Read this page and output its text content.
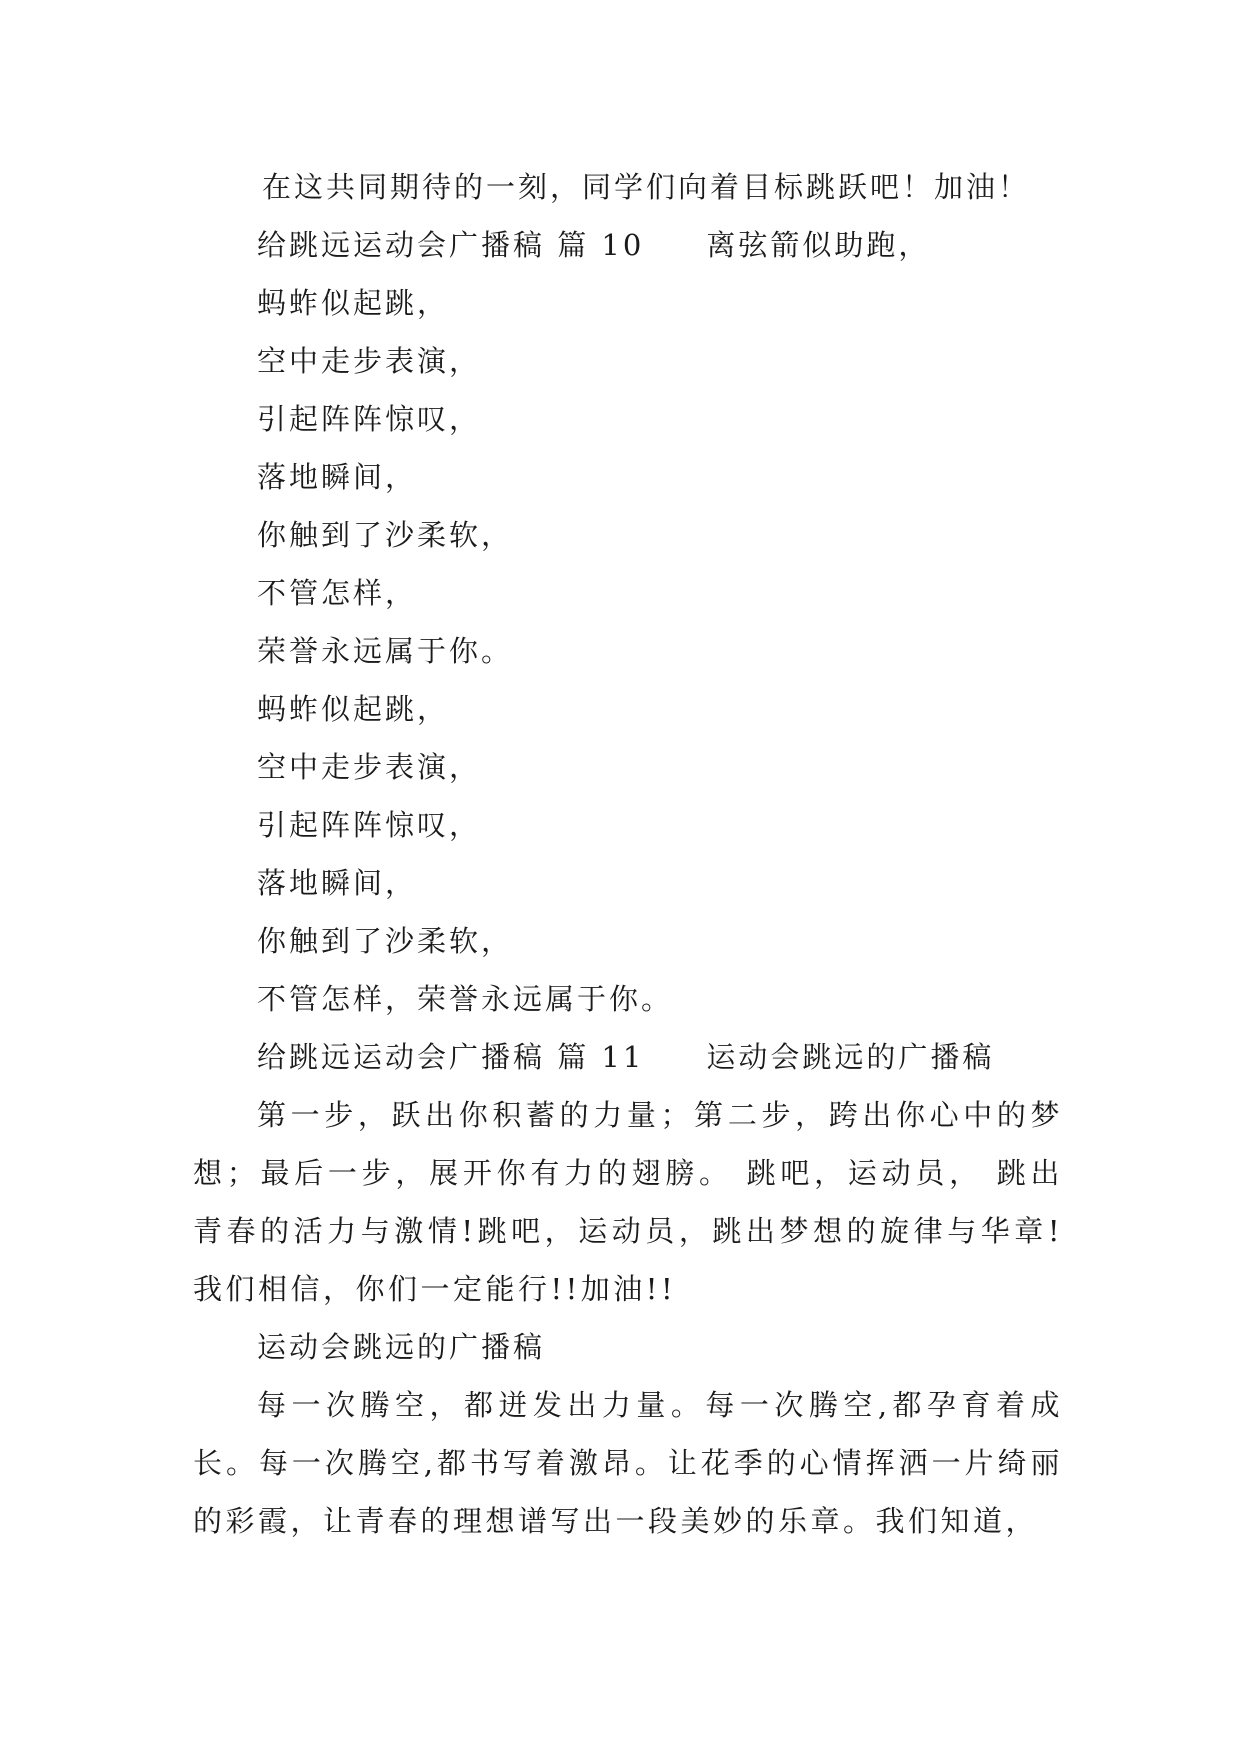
在这共同期待的一刻，同学们向着目标跳跃吧！加油！
给跳远运动会广播稿 篇 10 离弦箭似助跑，
蚂蚱似起跳，
空中走步表演，
引起阵阵惊叹，
落地瞬间，
你触到了沙柔软，
不管怎样，
荣誉永远属于你。
蚂蚱似起跳，
空中走步表演，
引起阵阵惊叹，
落地瞬间，
你触到了沙柔软，
不管怎样，荣誉永远属于你。
给跳远运动会广播稿 篇 11 运动会跳远的广播稿
第一步，跃出你积蓄的力量；第二步，跨出你心中的梦想；最后一步，展开你有力的翅膀。 跳吧，运动员， 跳出青春的活力与激情!跳吧，运动员，跳出梦想的旋律与华章!我们相信，你们一定能行!!加油!!
运动会跳远的广播稿
每一次腾空，都迸发出力量。每一次腾空,都孕育着成长。每一次腾空,都书写着激昂。让花季的心情挥洒一片绮丽的彩霞，让青春的理想谱写出一段美妙的乐章。我们知道，
